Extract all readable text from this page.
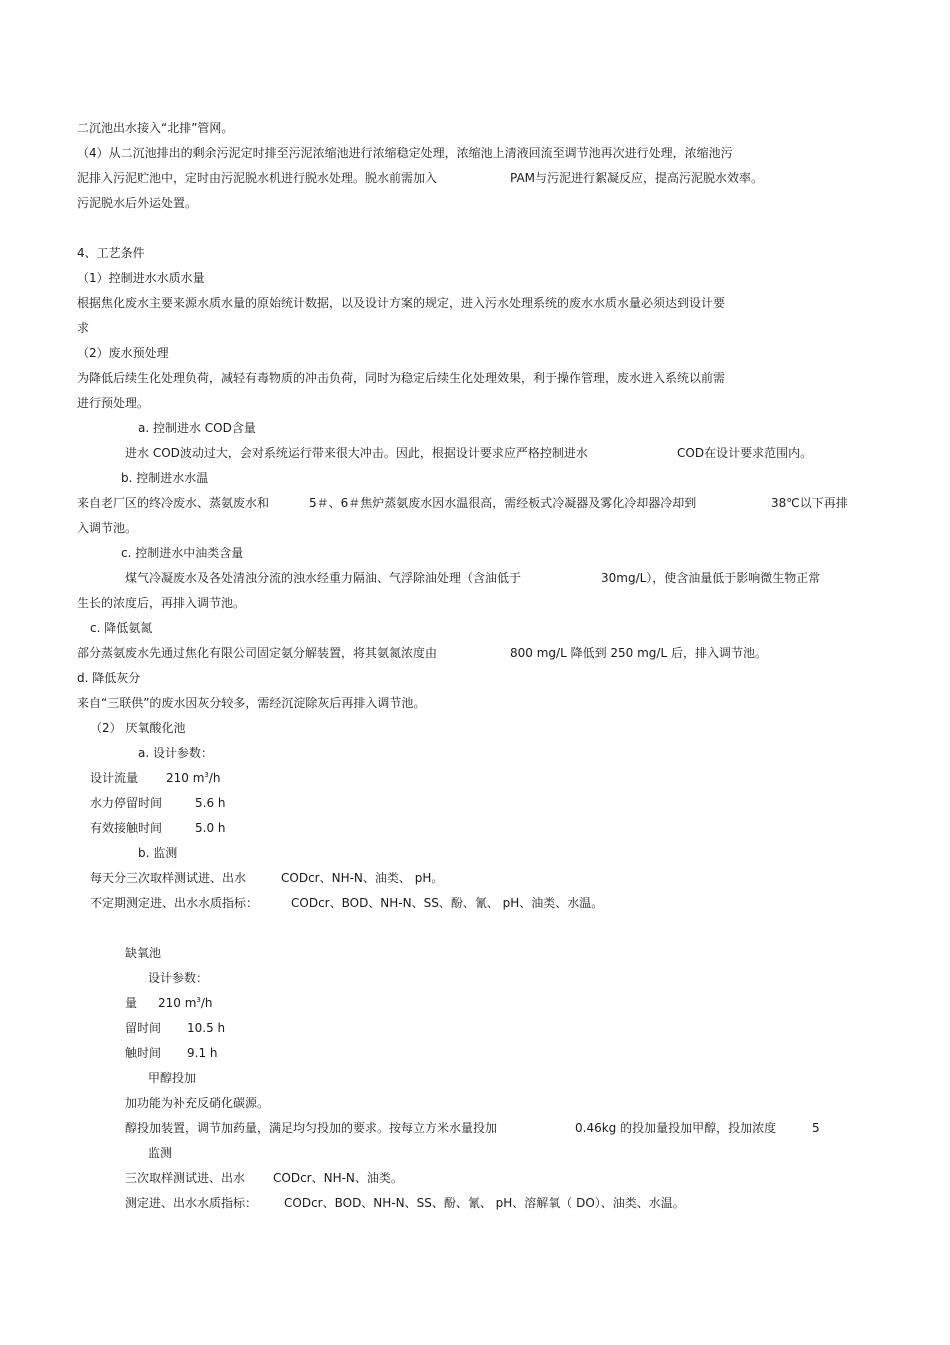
二沉池出水接入“北排”管网。
（4）从二沉池排出的剩余污泥定时排至污泥浓缩池进行浓缩稳定处理，浓缩池上清液回流至调节池再次进行处理，浓缩池污
泥排入污泥贮池中，定时由污泥脱水机进行脱水处理。脱水前需加入	PAM与污泥进行絮凝反应，提高污泥脱水效率。
污泥脱水后外运处置。
4、工艺条件
（1）控制进水水质水量
根据焦化废水主要来源水质水量的原始统计数据，以及设计方案的规定，进入污水处理系统的废水水质水量必须达到设计要
求
（2）废水预处理
为降低后续生化处理负荷，减轻有毒物质的冲击负荷，同时为稳定后续生化处理效果，利于操作管理，废水进入系统以前需
进行预处理。
a. 控制进水 COD含量
进水 COD波动过大，会对系统运行带来很大冲击。因此，根据设计要求应严格控制进水	COD在设计要求范围内。
b. 控制进水水温
来自老厂区的终冷废水、蒸氨废水和	5＃、6＃焦炉蒸氨废水因水温很高，需经板式冷凝器及雾化冷却器冷却到	38℃以下再排
入调节池。
c. 控制进水中油类含量
煤气冷凝废水及各处清浊分流的浊水经重力隔油、气浮除油处理（含油低于	30mg/L），使含油量低于影响微生物正常
生长的浓度后，再排入调节池。
c. 降低氨氮
部分蒸氨废水先通过焦化有限公司固定氨分解装置，将其氨氮浓度由	800 mg/L 降低到 250 mg/L 后，排入调节池。
d. 降低灰分
来自“三联供”的废水因灰分较多，需经沉淀除灰后再排入调节池。
（2） 厌氧酸化池
a. 设计参数：
设计流量 210 $m^3/h$
水力停留时间	5.6 h
有效接触时间	5.0 h
b. 监测
每天分三次取样测试进、出水	CODcr、NH-N、油类、 pH。
不定期测定进、出水水质指标：	CODcr、BOD、NH-N、SS、酚、氰、 pH、油类、水温。
缺氧池
设计参数：
量 210 $m^3/h$
留时间 10.5 h
触时间 9.1 h
甲醇投加
加功能为补充反硝化碳源。
醇投加装置，调节加药量，满足均匀投加的要求。按每立方米水量投加	0.46kg 的投加量投加甲醇，投加浓度	5
监测
三次取样测试进、出水 CODcr、NH-N、油类。
测定进、出水水质指标： CODcr、BOD、NH-N、SS、酚、氰、 pH、溶解氧（ DO）、油类、水温。
